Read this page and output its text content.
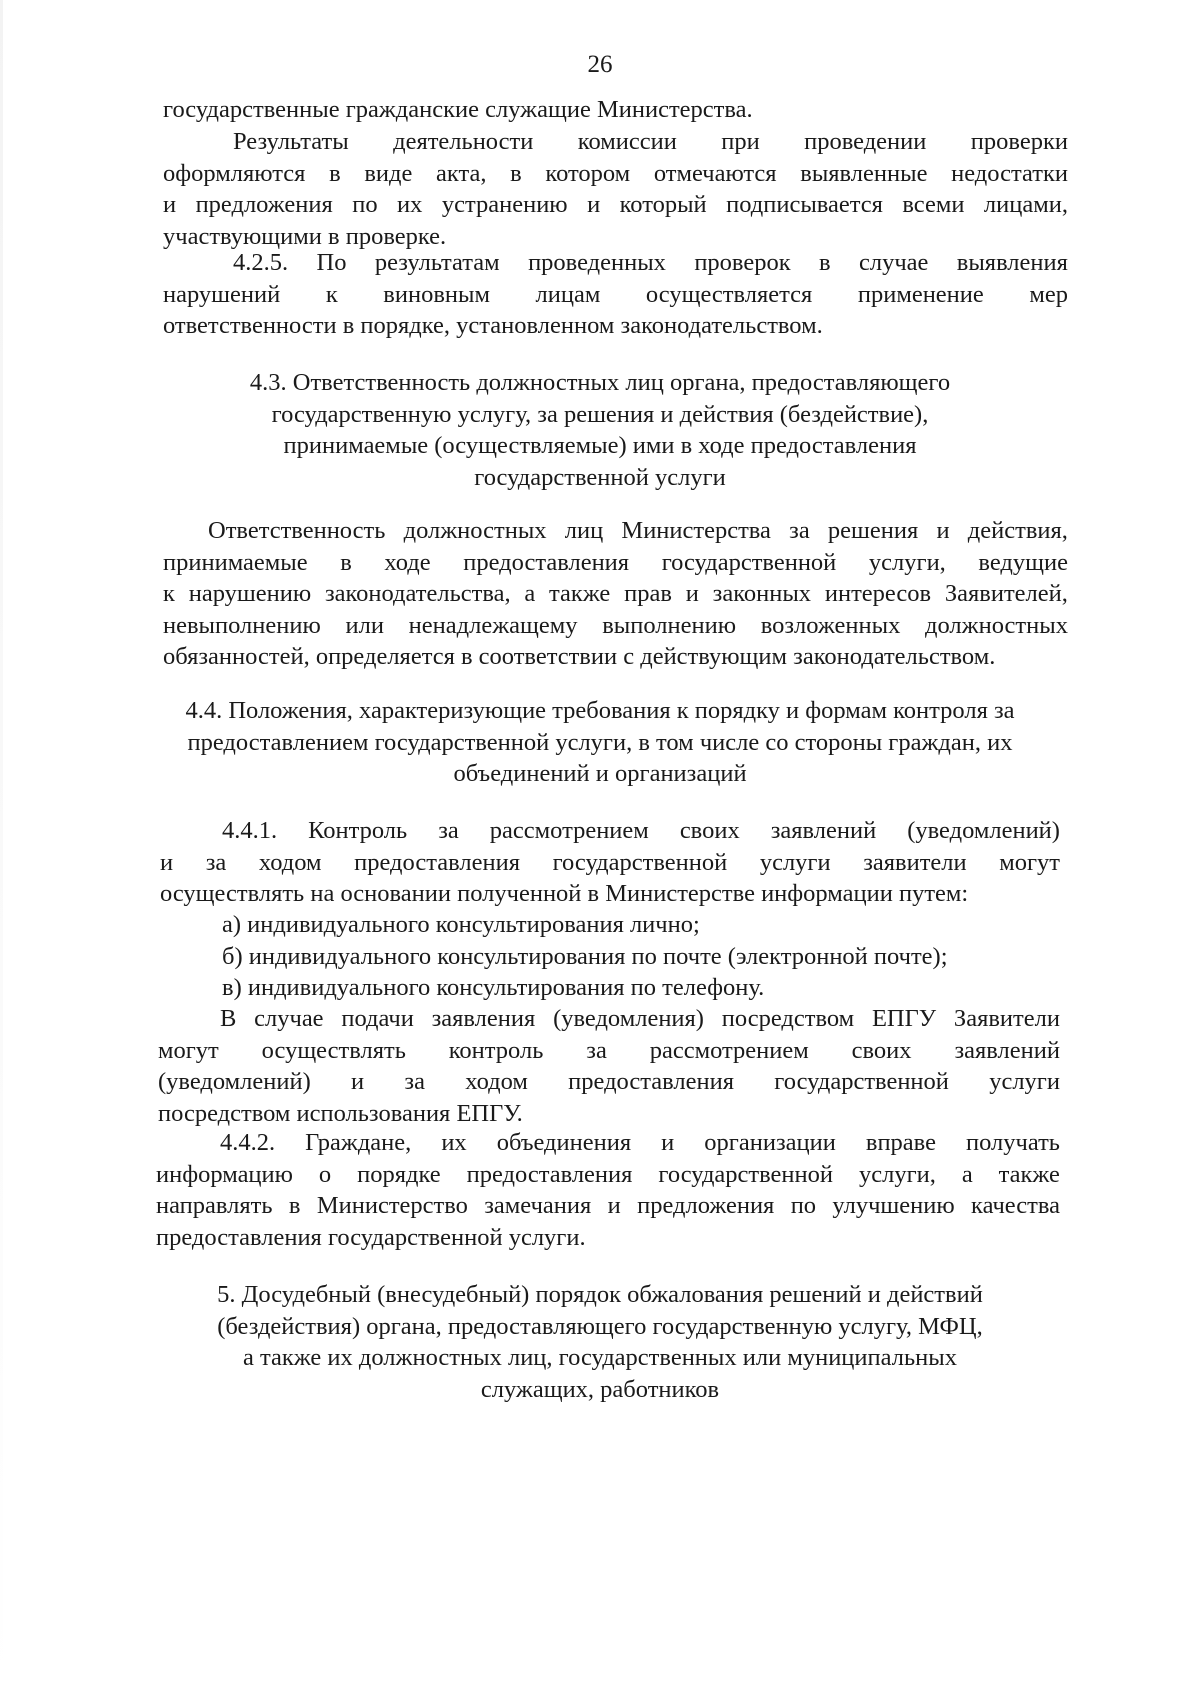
26
государственные гражданские служащие Министерства.
Результаты деятельности комиссии при проведении проверки
оформляются в виде акта, в котором отмечаются выявленные недостатки
и предложения по их устранению и который подписывается всеми лицами,
участвующими в проверке.
4.2.5. По результатам проведенных проверок в случае выявления
нарушений к виновным лицам осуществляется применение мер
ответственности в порядке, установленном законодательством.
4.3. Ответственность должностных лиц органа, предоставляющего
государственную услугу, за решения и действия (бездействие),
принимаемые (осуществляемые) ими в ходе предоставления
государственной услуги
Ответственность должностных лиц Министерства за решения и действия,
принимаемые в ходе предоставления государственной услуги, ведущие
к нарушению законодательства, а также прав и законных интересов Заявителей,
невыполнению или ненадлежащему выполнению возложенных должностных
обязанностей, определяется в соответствии с действующим законодательством.
4.4. Положения, характеризующие требования к порядку и формам контроля за
предоставлением государственной услуги, в том числе со стороны граждан, их
объединений и организаций
4.4.1. Контроль за рассмотрением своих заявлений (уведомлений)
и за ходом предоставления государственной услуги заявители могут
осуществлять на основании полученной в Министерстве информации путем:
а) индивидуального консультирования лично;
б) индивидуального консультирования по почте (электронной почте);
в) индивидуального консультирования по телефону.
В случае подачи заявления (уведомления) посредством ЕПГУ Заявители
могут осуществлять контроль за рассмотрением своих заявлений
(уведомлений) и за ходом предоставления государственной услуги
посредством использования ЕПГУ.
4.4.2. Граждане, их объединения и организации вправе получать
информацию о порядке предоставления государственной услуги, а также
направлять в Министерство замечания и предложения по улучшению качества
предоставления государственной услуги.
5. Досудебный (внесудебный) порядок обжалования решений и действий
(бездействия) органа, предоставляющего государственную услугу, МФЦ,
а также их должностных лиц, государственных или муниципальных
служащих, работников
